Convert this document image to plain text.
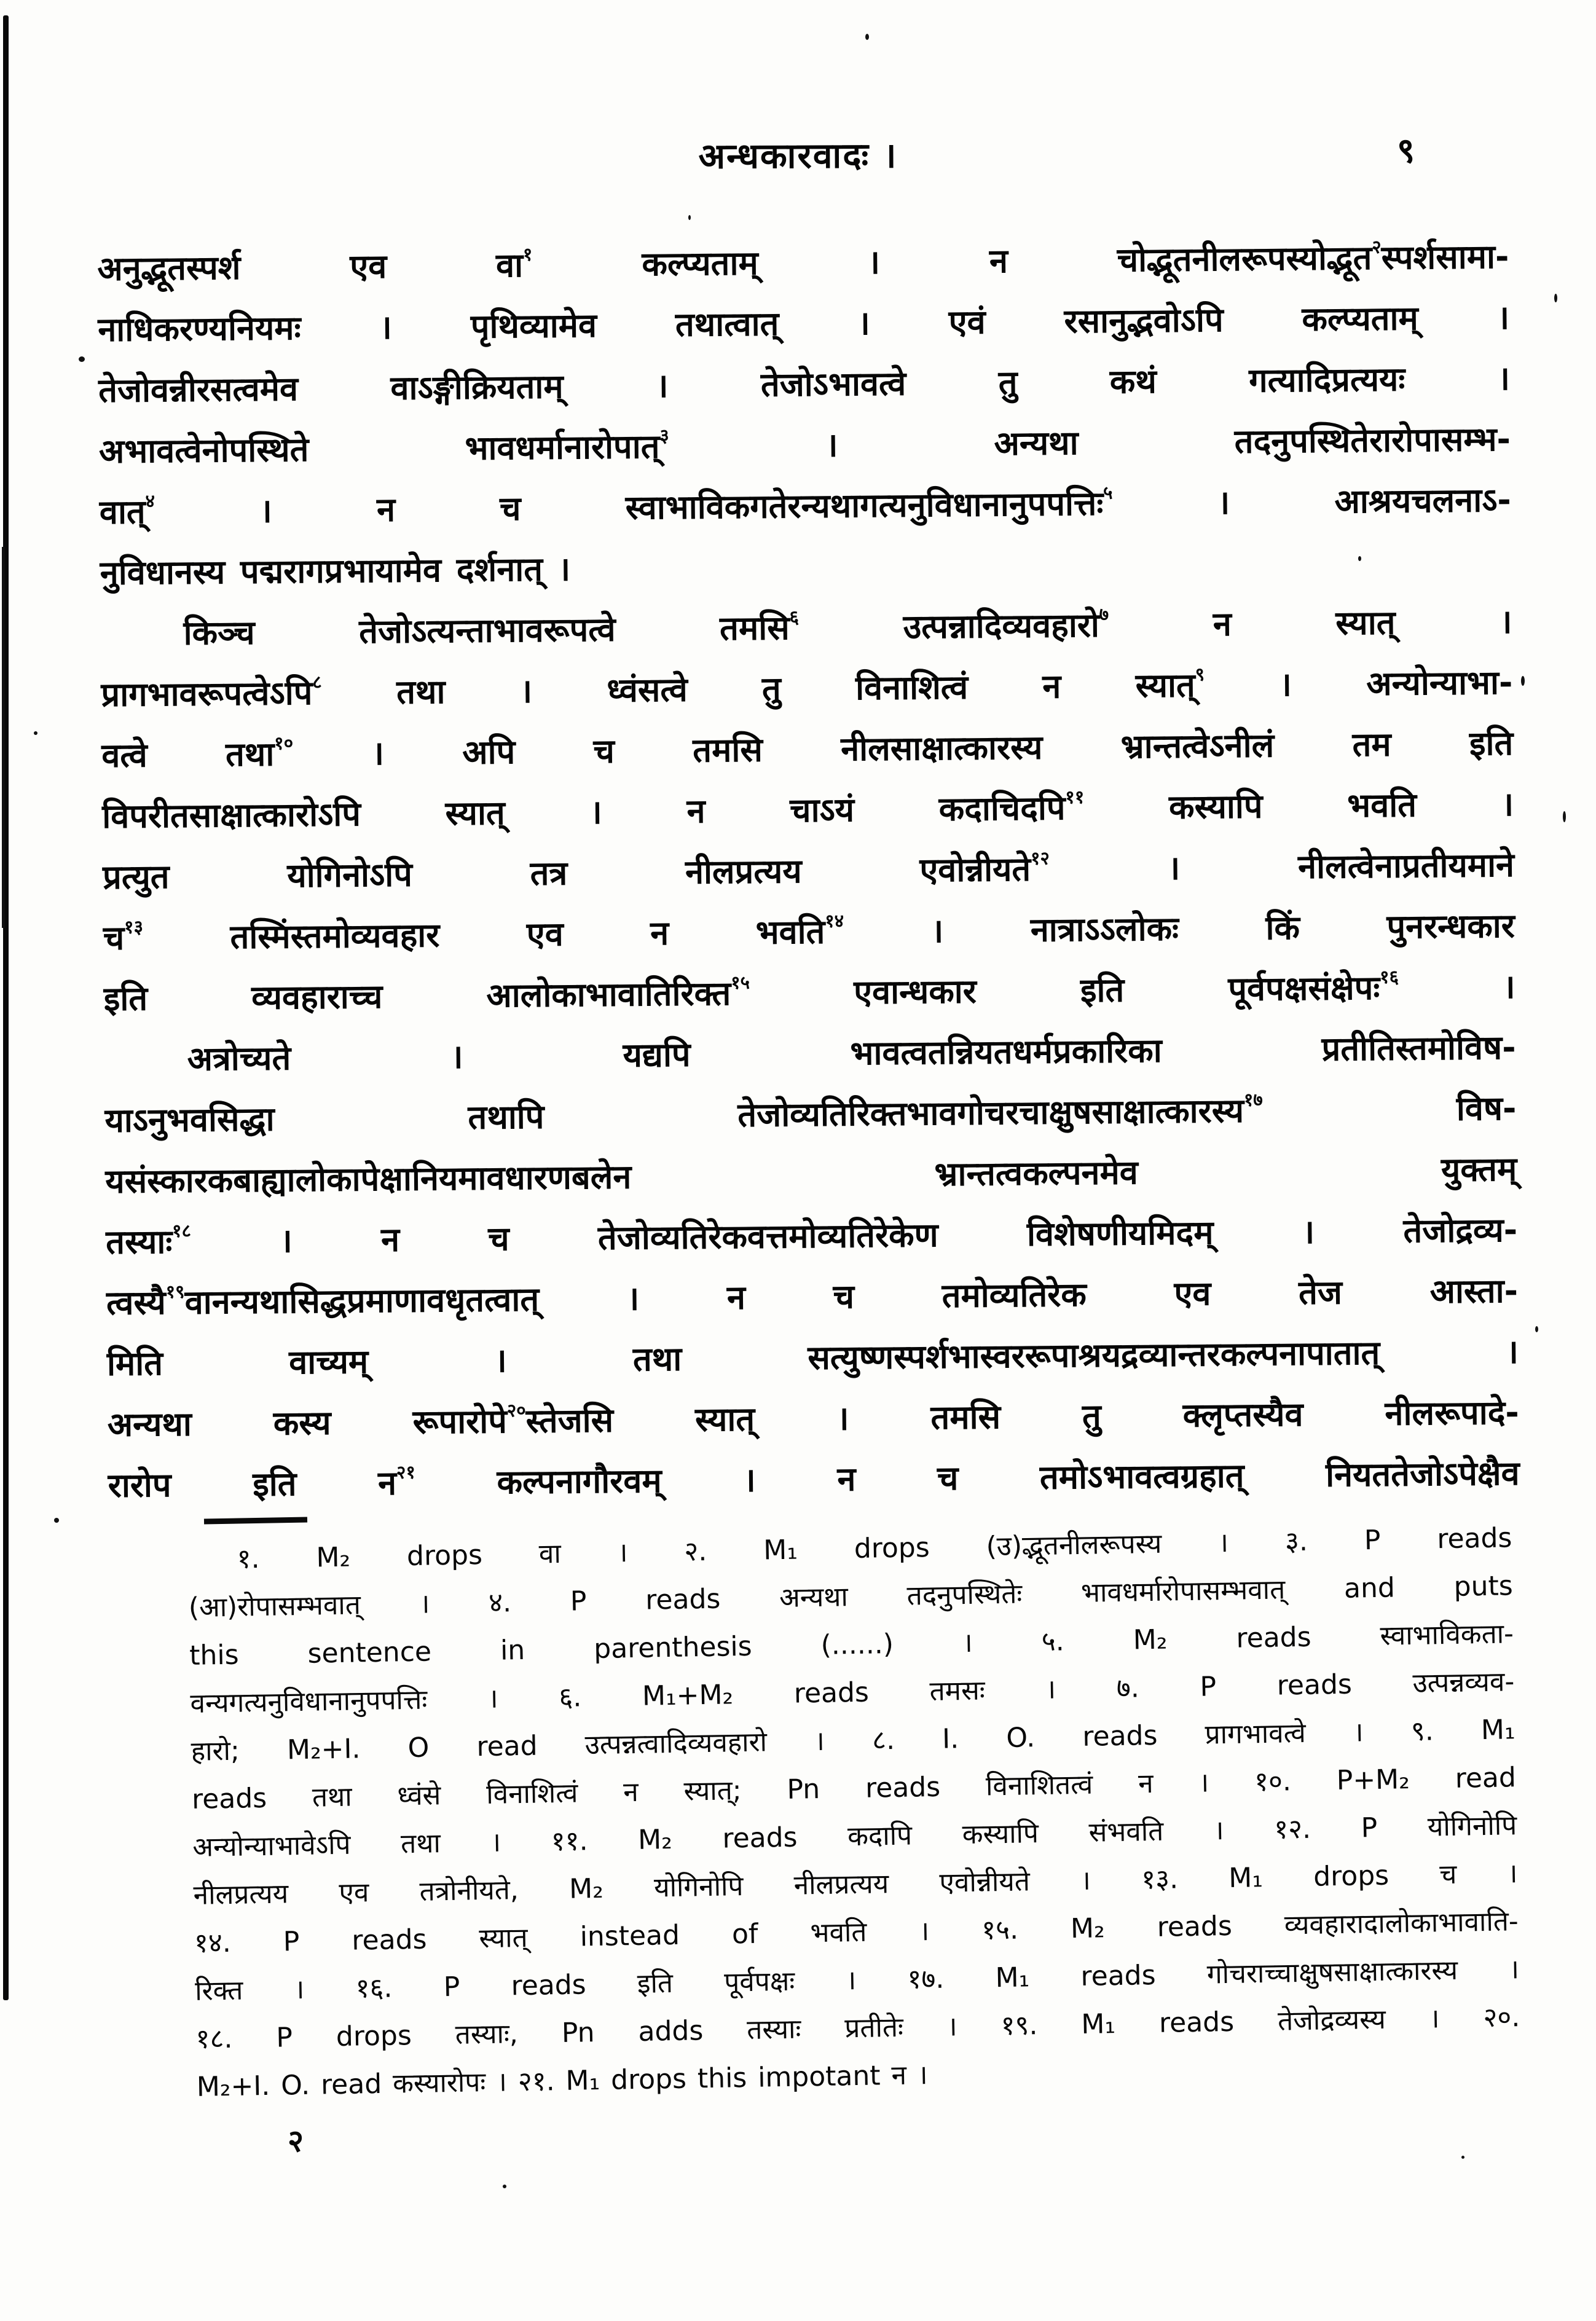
अन्धकारवादः ।	९
अनुद्भूतस्पर्श एव वा$^१$ कल्प्यताम् । न चोद्भूतनीलरूपस्योद्भूत$^२$स्पर्शसामा-
नाधिकरण्यनियमः । पृथिव्यामेव तथात्वात् । एवं रसानुद्भवोऽपि कल्प्यताम् ।
तेजोवन्नीरसत्वमेव वाऽङ्गीक्रियताम् । तेजोऽभावत्वे तु कथं गत्यादिप्रत्ययः ।
अभावत्वेनोपस्थिते भावधर्मानारोपात्$^३$ । अन्यथा तदनुपस्थितेरारोपासम्भ-
वात्$^४$ । न च स्वाभाविकगतेरन्यथागत्यनुविधानानुपपत्तिः$^५$ । आश्रयचलनाऽ-
नुविधानस्य पद्मरागप्रभायामेव दर्शनात् ।
किञ्च तेजोऽत्यन्ताभावरूपत्वे तमसि$^६$ उत्पन्नादिव्यवहारो$^७$ न स्यात् ।
प्रागभावरूपत्वेऽपि$^८$ तथा । ध्वंसत्वे तु विनाशित्वं न स्यात्$^९$ । अन्योन्याभा-
वत्वे तथा$^{१०}$ । अपि च तमसि नीलसाक्षात्कारस्य भ्रान्तत्वेऽनीलं तम इति
विपरीतसाक्षात्कारोऽपि स्यात् । न चाऽयं कदाचिदपि$^{११}$ कस्यापि भवति ।
प्रत्युत योगिनोऽपि तत्र नीलप्रत्यय एवोन्नीयते$^{१२}$ । नीलत्वेनाप्रतीयमाने
च$^{१३}$ तस्मिंस्तमोव्यवहार एव न भवति$^{१४}$ । नात्राऽऽलोकः किं पुनरन्धकार
इति व्यवहाराच्च आलोकाभावातिरिक्त$^{१५}$ एवान्धकार इति पूर्वपक्षसंक्षेपः$^{१६}$ ।
अत्रोच्यते । यद्यपि भावत्वतन्नियतधर्मप्रकारिका प्रतीतिस्तमोविष-
याऽनुभवसिद्धा तथापि तेजोव्यतिरिक्तभावगोचरचाक्षुषसाक्षात्कारस्य$^{१७}$ विष-
यसंस्कारकबाह्यालोकापेक्षानियमावधारणबलेन भ्रान्तत्वकल्पनमेव युक्तम्
तस्याः$^{१८}$ । न च तेजोव्यतिरेकवत्तमोव्यतिरेकेण विशेषणीयमिदम् । तेजोद्रव्य-
त्वस्यै$^{१९}$वानन्यथासिद्धप्रमाणावधृतत्वात् । न च तमोव्यतिरेक एव तेज आस्ता-
मिति वाच्यम् । तथा सत्युष्णस्पर्शभास्वररूपाश्रयद्रव्यान्तरकल्पनापातात् ।
अन्यथा कस्य रूपारोपे$^{२०}$स्तेजसि स्यात् । तमसि तु क्लृप्तस्यैव नीलरूपादे-
रारोप इति न$^{२१}$ कल्पनागौरवम् । न च तमोऽभावत्वग्रहात् नियततेजोऽपेक्षैव
१. M₂ drops वा । २. M₁ drops (उ)द्भूतनीलरूपस्य । ३. P reads
(आ)रोपासम्भवात् । ४. P reads अन्यथा तदनुपस्थितेः भावधर्मारोपासम्भवात् and puts
this sentence in parenthesis (......) । ५. M₂ reads स्वाभाविकता-
वन्यगत्यनुविधानानुपपत्तिः । ६. M₁+M₂ reads तमसः । ७. P reads उत्पन्नव्यव-
हारो; M₂+I. O read उत्पन्नत्वादिव्यवहारो । ८. I. O. reads प्रागभावत्वे । ९. M₁
reads तथा ध्वंसे विनाशित्वं न स्यात्; Pn reads विनाशितत्वं न । १०. P+M₂ read
अन्योन्याभावेऽपि तथा । ११. M₂ reads कदापि कस्यापि संभवति । १२. P योगिनोपि
नीलप्रत्यय एव तत्रोनीयते, M₂ योगिनोपि नीलप्रत्यय एवोन्नीयते । १३. M₁ drops च ।
१४. P reads स्यात् instead of भवति । १५. M₂ reads व्यवहारादालोकाभावाति-
रिक्त । १६. P reads इति पूर्वपक्षः । १७. M₁ reads गोचराच्चाक्षुषसाक्षात्कारस्य ।
१८. P drops तस्याः, Pn adds तस्याः प्रतीतेः । १९. M₁ reads तेजोद्रव्यस्य । २०.
M₂+I. O. read कस्यारोपः । २१. M₁ drops this impotant न ।
२
